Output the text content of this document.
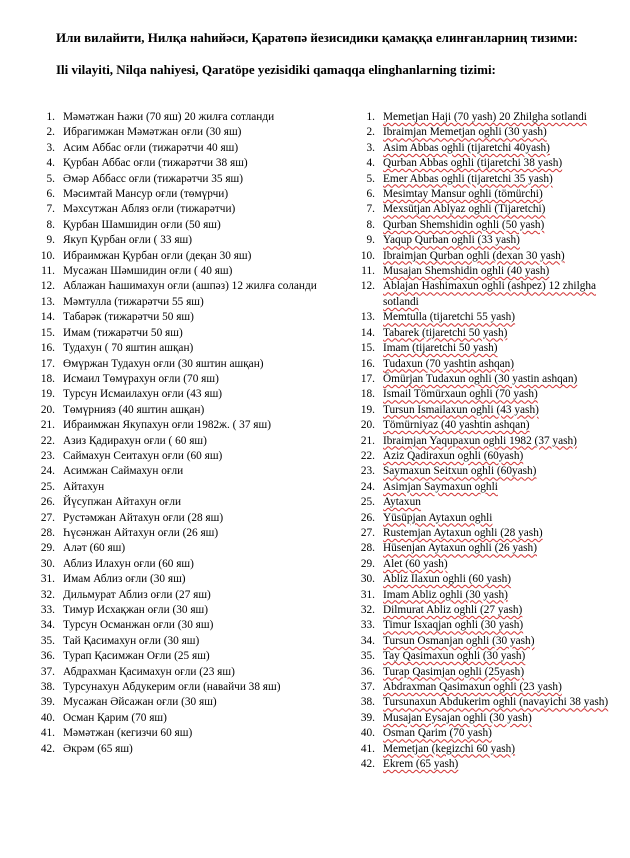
Или вилайити, Нилқа наһийәси, Қаратөпә йезисидики қамаққа елинғанларниң тизими:
Ili vilayiti, Nilqa nahiyesi, Qaratöpe yezisidiki qamaqqa elinghanlarning tizimi:
1. Мәмәтжан Һажи (70 яш) 20 жилға сотланди
2. Ибрагимжан Мәмәтжан оғли (30 яш)
3. Асим Аббас оғли (тижарәтчи 40 яш)
4. Қурбан Аббас оғли (тижарәтчи 38 яш)
5. Әмәр Аббасс оғли (тижарәтчи 35 яш)
6. Мәсимтай Мансур оғли (төмүрчи)
7. Мәхсутжан Абляз оғли (тижарәтчи)
8. Қурбан Шамшидин оғли (50 яш)
9. Якуп Қурбан оғли ( 33 яш)
10. Ибраимжан Қурбан оғли (деқан 30 яш)
11. Мусажан Шәмшидин оғли ( 40 яш)
12. Аблажан Һашимахун оғли (ашпәз) 12 жилға соланди
13. Мәмтулла (тижарәтчи 55 яш)
14. Табарәк (тижарәтчи 50 яш)
15. Имам (тижарәтчи 50 яш)
16. Тудахун ( 70 яштин ашқан)
17. Өмүржан Тудахун оғли (30 яштин ашқан)
18. Исмаил Төмүрахун оғли (70 яш)
19. Турсун Исмаилахун оғли (43 яш)
20. Төмүрнияз (40 яштин ашқан)
21. Ибраимжан Якупахун оғли 1982ж. ( 37 яш)
22. Азиз Қадирахун оғли ( 60 яш)
23. Саймахун Сеитахун оғли (60 яш)
24. Асимжан Саймахун оғли
25. Айтахун
26. Йүсупжан Айтахун оғли
27. Рустәмжан Айтахун оғли (28 яш)
28. Һүсәнжан Айтахун оғли (26 яш)
29. Аләт (60 яш)
30. Аблиз Илахун оғли (60 яш)
31. Имам Аблиз оғли (30 яш)
32. Дильмурат Аблиз оғли (27 яш)
33. Тимур Исхақжан оғли (30 яш)
34. Турсун Османжан оғли (30 яш)
35. Тай Қасимахун оғли (30 яш)
36. Турап Қасимжан Оғли (25 яш)
37. Абдрахман Қасимахун оғли (23 яш)
38. Турсунахун Абдукерим оғли (навайчи 38 яш)
39. Мусажан Әйсажан оғли (30 яш)
40. Осман Қарим (70 яш)
41. Мәмәтжан (кегизчи 60 яш)
42. Әкрәм (65 яш)
1. Memetjan Haji (70 yash) 20 Zhilgha sotlandi
2. Ibraimjan Memetjan oghli (30 yash)
3. Asim Abbas oghli (tijaretchi 40yash)
4. Qurban Abbas oghli (tijaretchi 38 yash)
5. Emer Abbas oghli (tijaretchi 35 yash)
6. Mesimtay Mansur oghli (tömürchi)
7. Mexsütjan Ablyaz oghli (Tijaretchi)
8. Qurban Shemshidin oghli (50 yash)
9. Yaqup Qurban oghli (33 yash)
10. Ibraimjan Qurban oghli (dexan 30 yash)
11. Musajan Shemshidin oghli (40 yash)
12. Ablajan Hashimaxun oghli (ashpez) 12 zhilgha sotlandi
13. Memtulla (tijaretchi 55 yash)
14. Tabarek (tijaretchi 50 yash)
15. Imam (tijaretchi 50 yash)
16. Tudaxun (70 yashtin ashqan)
17. Ömürjan Tudaxun oghli (30 yastin ashqan)
18. Ismail Tömürxaun oghli (70 yash)
19. Tursun Ismailaxun oghli (43 yash)
20. Tömürniyaz (40 yashtin ashqan)
21. Ibraimjan Yaqupaxun oghli 1982 (37 yash)
22. Aziz Qadiraxun oghli (60yash)
23. Saymaxun Seitxun oghli (60yash)
24. Asimjan Saymaxun oghli
25. Aytaxun
26. Yüsüpjan Aytaxun oghli
27. Rustemjan Aytaxun oghli (28 yash)
28. Hüsenjan Aytaxun oghli (26 yash)
29. Alet (60 yash)
30. Abliz Ilaxun oghli (60 yash)
31. Imam Abliz oghli (30 yash)
32. Dilmurat Abliz oghli (27 yash)
33. Timur Isxaqjan oghli (30 yash)
34. Tursun Osmanjan oghli (30 yash)
35. Tay Qasimaxun oghli (30 yash)
36. Turap Qasimjan oghli (25yash)
37. Abdraxman Qasimaxun oghli (23 yash)
38. Tursunaxun Abdukerim oghli (navayichi 38 yash)
39. Musajan Eysajan oghli (30 yash)
40. Osman Qarim (70 yash)
41. Memetjan (kegizchi 60 yash)
42. Ekrem (65 yash)
